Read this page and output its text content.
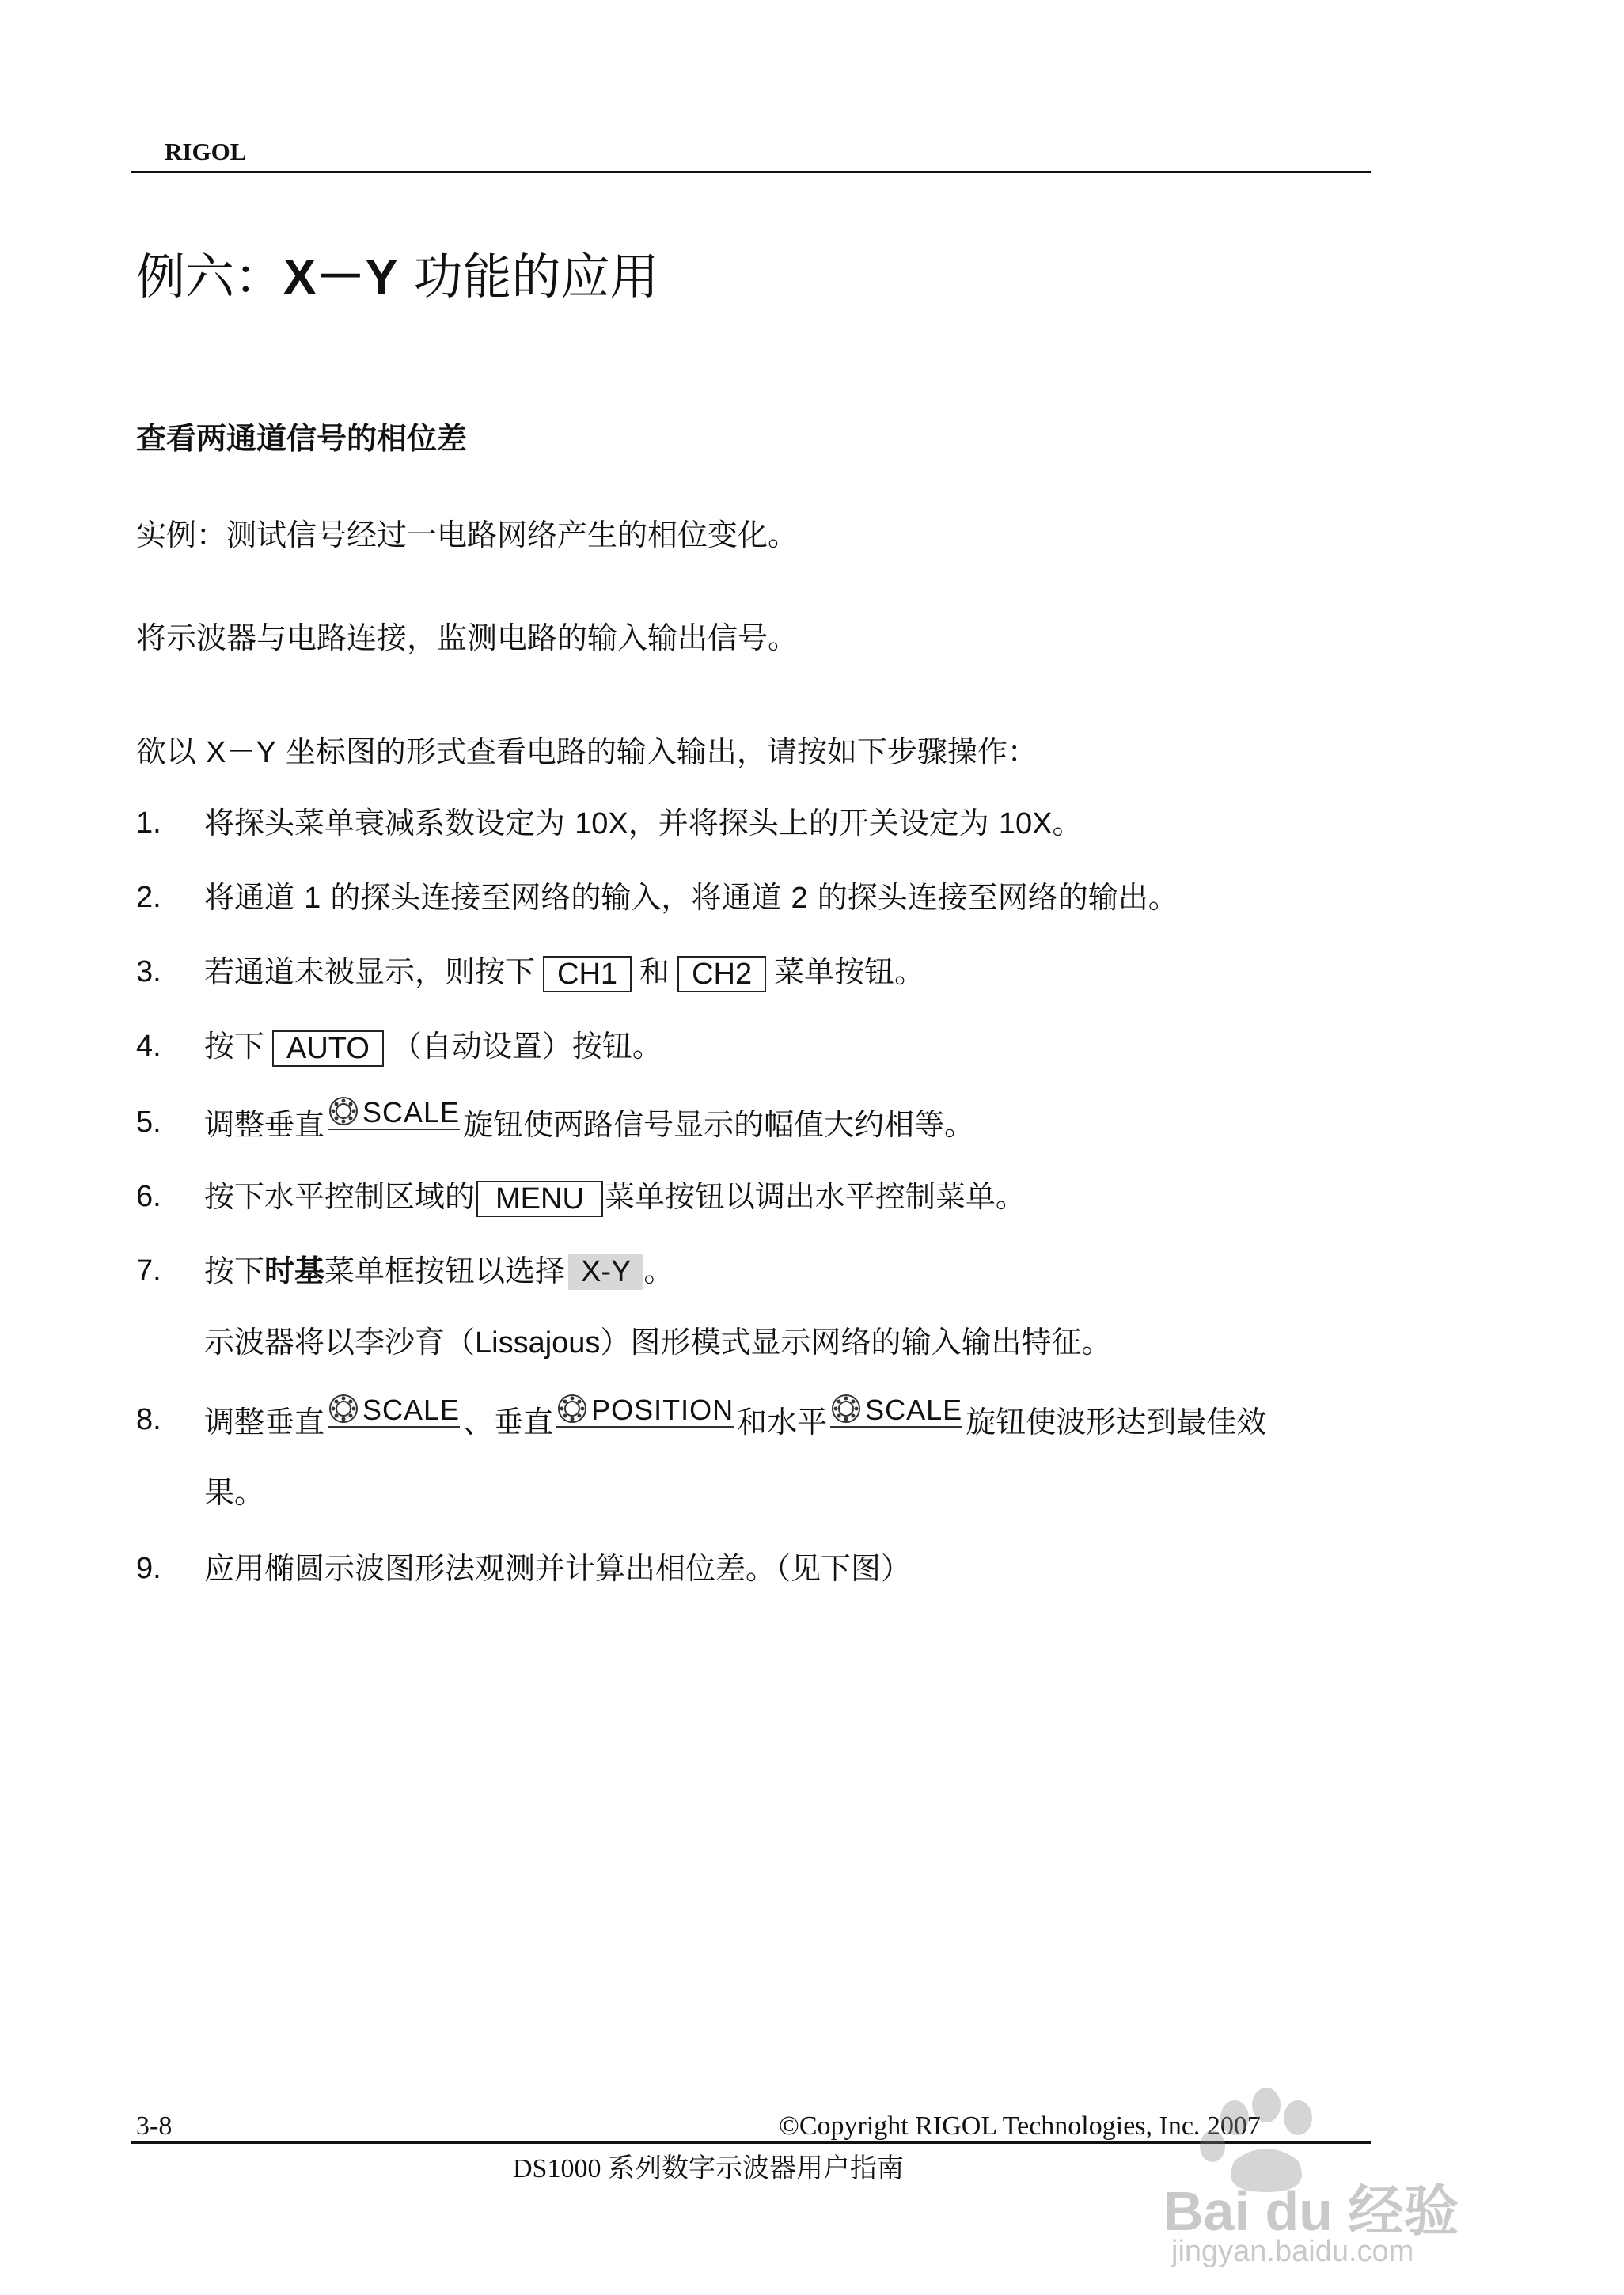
RIGOL
例六：X－Y 功能的应用
查看两通道信号的相位差
实例：测试信号经过一电路网络产生的相位变化。
将示波器与电路连接，监测电路的输入输出信号。
欲以 X－Y 坐标图的形式查看电路的输入输出，请按如下步骤操作：
1.	将探头菜单衰减系数设定为 10X，并将探头上的开关设定为 10X。
2.	将通道 1 的探头连接至网络的输入，将通道 2 的探头连接至网络的输出。
3.	若通道未被显示，则按下 CH1 和 CH2 菜单按钮。
4.	按下 AUTO （自动设置）按钮。
5.	调整垂直 SCALE 旋钮使两路信号显示的幅值大约相等。
6.	按下水平控制区域的 MENU 菜单按钮以调出水平控制菜单。
7.	按下时基菜单框按钮以选择 X-Y 。
示波器将以李沙育（Lissajous）图形模式显示网络的输入输出特征。
8.	调整垂直 SCALE 、垂直 POSITION 和水平 SCALE 旋钮使波形达到最佳效
果。
9.	应用椭圆示波图形法观测并计算出相位差。（见下图）
3-8	©Copyright RIGOL Technologies, Inc. 2007
DS1000 系列数字示波器用户指南
Bai du 经验
jingyan.baidu.com
